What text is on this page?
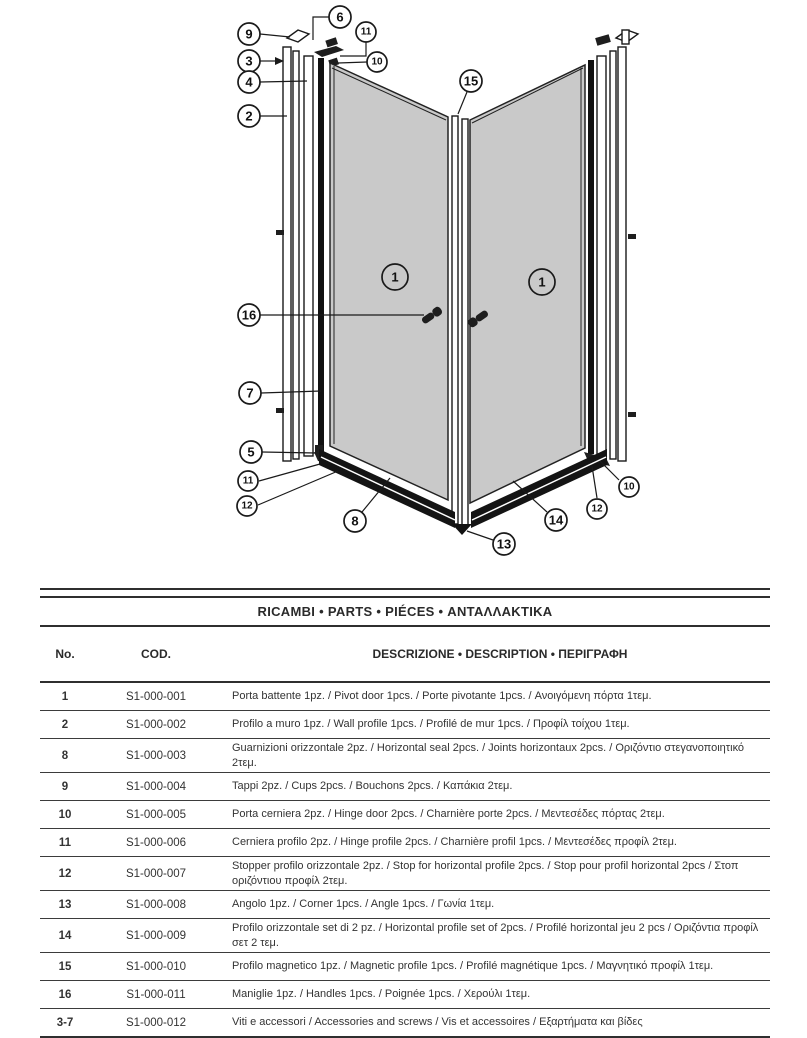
6
9	11
3	10
4	15
2
1	1
16
7
5
11
12
8
13
14
12
10
RICAMBI • PARTS • PIÉCES • ΑΝΤΑΛΛΑΚΤΙΚΑ
No.	COD.	DESCRIZIONE • DESCRIPTION • ΠΕΡΙΓΡΑΦΗ
1	S1-000-001	Porta battente 1pz. / Pivot door 1pcs. / Porte pivotante 1pcs. / Ανοιγόμενη πόρτα 1τεμ.
2	S1-000-002	Profilo a muro 1pz. / Wall profile 1pcs. / Profilé de mur 1pcs. / Προφίλ τοίχου 1τεμ.
8	S1-000-003
Guarnizioni orizzontale 2pz. / Horizontal seal 2pcs. / Joints horizontaux 2pcs. / Οριζόντιο στεγανοποιητικό 2τεμ.
9	S1-000-004	Tappi 2pz. / Cups 2pcs. / Bouchons 2pcs. / Καπάκια 2τεμ.
10	S1-000-005	Porta cerniera 2pz. / Hinge door 2pcs. / Charnière porte 2pcs. / Μεντεσέδες πόρτας 2τεμ.
11	S1-000-006	Cerniera profilo 2pz. / Hinge profile 2pcs. / Charnière profil 1pcs. / Μεντεσέδες προφίλ 2τεμ.
12	S1-000-007
Stopper profilo orizzontale 2pz. / Stop for horizontal profile 2pcs. / Stop pour profil horizontal 2pcs / Στοπ οριζόντιου προφίλ 2τεμ.
13	S1-000-008	Angolo 1pz. / Corner 1pcs. / Angle 1pcs. / Γωνία 1τεμ.
14	S1-000-009
Profilo orizzontale set di 2 pz. / Horizontal profile set of 2pcs. / Profilé horizontal jeu 2 pcs / Οριζόντια προφίλ σετ 2 τεμ.
15	S1-000-010	Profilo magnetico 1pz. / Magnetic profile 1pcs. / Profilé magnétique 1pcs. / Μαγνητικό προφίλ 1τεμ.
16	S1-000-011	Maniglie 1pz. / Handles 1pcs. / Poignée 1pcs. / Χερούλι 1τεμ.
3-7	S1-000-012	Viti e accessori / Accessories and screws / Vis et accessoires / Εξαρτήματα και βίδες
